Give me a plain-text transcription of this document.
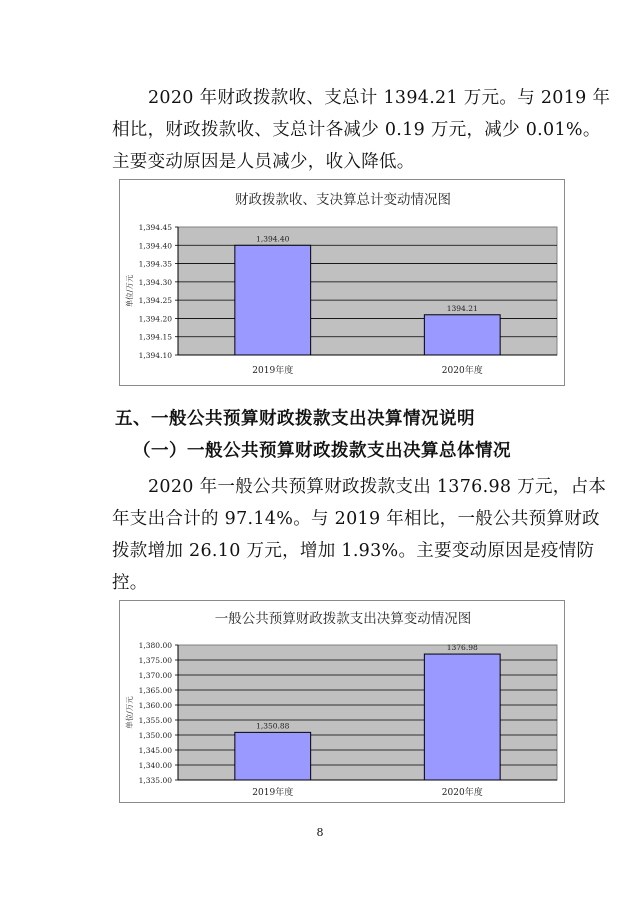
2020 年财政拨款收、支总计 1394.21 万元。与 2019 年
相比，财政拨款收、支总计各减少 0.19 万元，减少 0.01%。
主要变动原因是人员减少，收入降低。
财政拨款收、支决算总计变动情况图
1,394.45
1,394.40
1,394.35
1,394.30
1,394.25
1,394.20
1,394.15
1,394.10
单位/万元
1,394.40
2019年度
1394.21
2020年度
五、一般公共预算财政拨款支出决算情况说明
（一）一般公共预算财政拨款支出决算总体情况
2020 年一般公共预算财政拨款支出 1376.98 万元，占本
年支出合计的 97.14%。与 2019 年相比，一般公共预算财政
拨款增加 26.10 万元，增加 1.93%。主要变动原因是疫情防
控。
一般公共预算财政拨款支出决算变动情况图
1,380.00
1,375.00
1,370.00
1,365.00
1,360.00
1,355.00
1,350.00
1,345.00
1,340.00
1,335.00
单位/万元	1,350.88
2019年度
1376.98
2020年度
8
